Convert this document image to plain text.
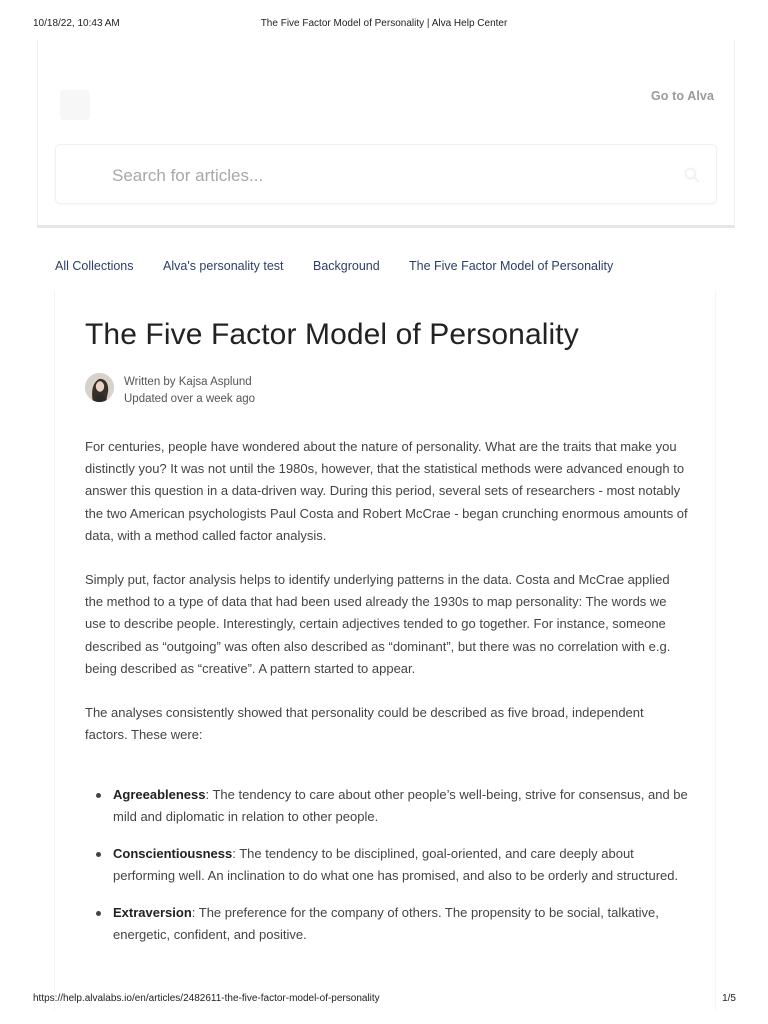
10/18/22, 10:43 AM	The Five Factor Model of Personality | Alva Help Center
Go to Alva
Search for articles...
All Collections Alva's personality test Background The Five Factor Model of Personality
The Five Factor Model of Personality
Written by Kajsa Asplund
Updated over a week ago

For centuries, people have wondered about the nature of personality. What are the traits that make you distinctly you? It was not until the 1980s, however, that the statistical methods were advanced enough to answer this question in a data-driven way. During this period, several sets of researchers - most notably the two American psychologists Paul Costa and Robert McCrae - began crunching enormous amounts of data, with a method called factor analysis.

Simply put, factor analysis helps to identify underlying patterns in the data. Costa and McCrae applied the method to a type of data that had been used already the 1930s to map personality: The words we use to describe people. Interestingly, certain adjectives tended to go together. For instance, someone described as “outgoing” was often also described as “dominant”, but there was no correlation with e.g. being described as “creative”. A pattern started to appear.

The analyses consistently showed that personality could be described as five broad, independent factors. These were:

Agreeableness: The tendency to care about other people’s well-being, strive for consensus, and be mild and diplomatic in relation to other people.
Conscientiousness: The tendency to be disciplined, goal-oriented, and care deeply about performing well. An inclination to do what one has promised, and also to be orderly and structured.
Extraversion: The preference for the company of others. The propensity to be social, talkative, energetic, confident, and positive.
https://help.alvalabs.io/en/articles/2482611-the-five-factor-model-of-personality	1/5
